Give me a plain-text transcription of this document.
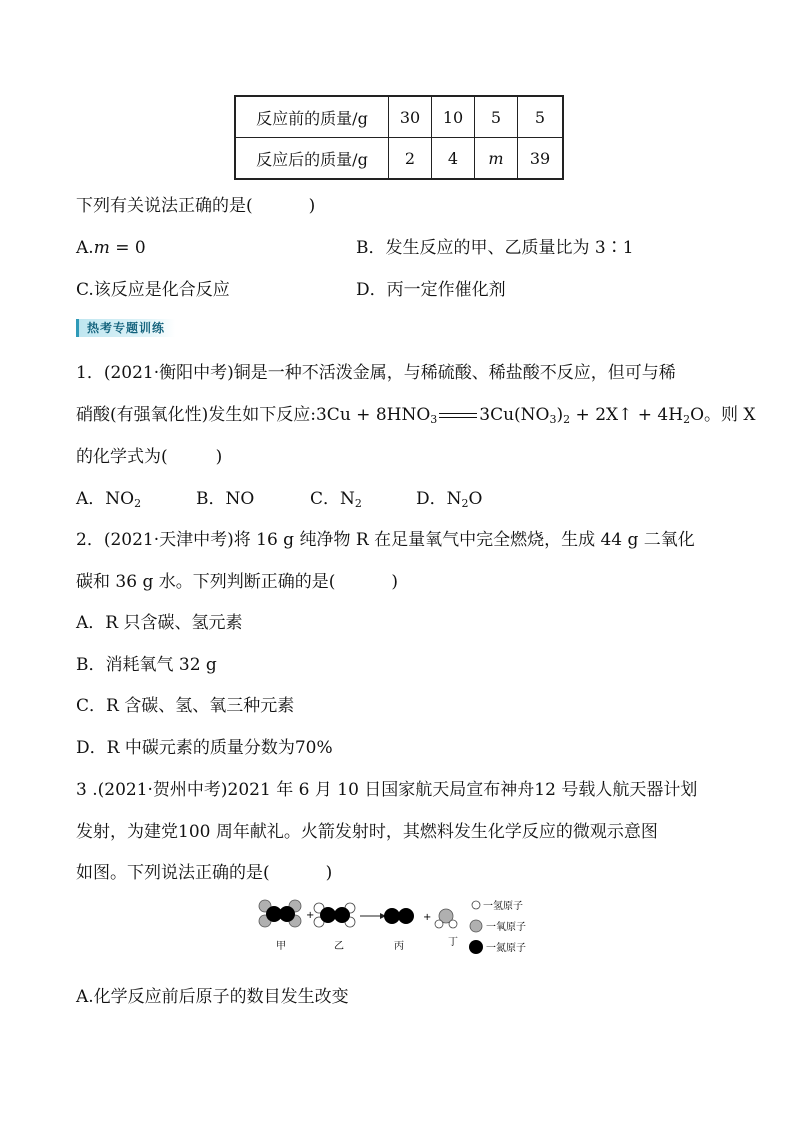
反应前的质量/g	30	10	5	5
反应后的质量/g	2	4	m	39
下列有关说法正确的是(	)
A.m = 0	B．发生反应的甲、乙质量比为 3∶1
C.该反应是化合反应	D．丙一定作催化剂
热考专题训练
1．(2021·衡阳中考)铜是一种不活泼金属，与稀硫酸、稀盐酸不反应，但可与稀
硝酸(有强氧化性)发生如下反应:3Cu + $8HNO_3$ $3Cu(NO_3)_2$ + 2X↑ + $4H_2O$。则 X
的化学式为(	)
A．$NO_2$	B．NO	C．$N_2$	D．$N_2O$
2．(2021·天津中考)将 16 g 纯净物 R 在足量氧气中完全燃烧，生成 44 g 二氧化
碳和 36 g 水。下列判断正确的是(	)
A．R 只含碳、氢元素
B．消耗氧气 32 g
C．R 含碳、氢、氧三种元素
D．R 中碳元素的质量分数为70%
3 .(2021·贺州中考)2021 年 6 月 10 日国家航天局宣布神舟12 号载人航天器计划
发射，为建党100 周年献礼。火箭发射时，其燃料发生化学反应的微观示意图
如图。下列说法正确的是(	)
+	+
甲	乙	丙	丁
一氢原子
一氧原子
一氮原子
A.化学反应前后原子的数目发生改变
